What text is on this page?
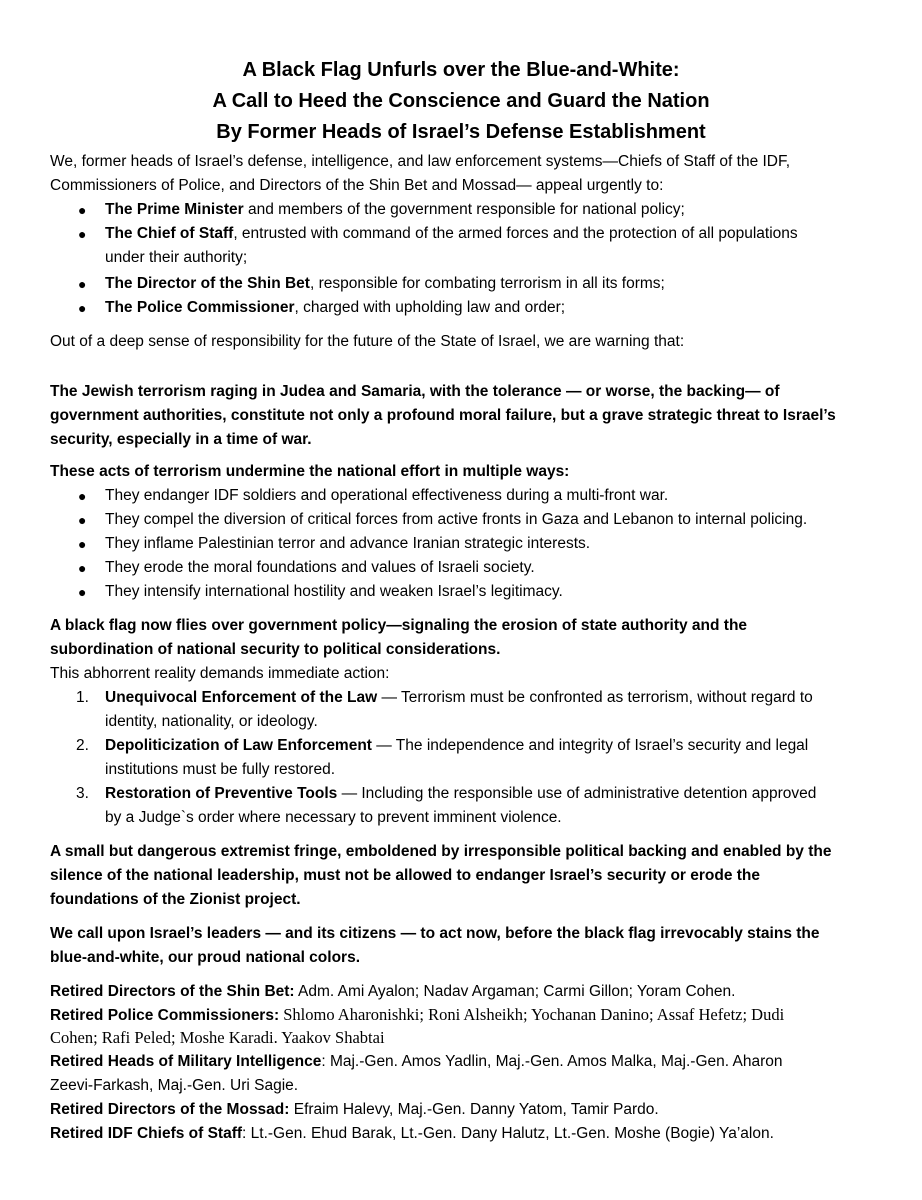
A Black Flag Unfurls over the Blue-and-White:
A Call to Heed the Conscience and Guard the Nation
By Former Heads of Israel’s Defense Establishment
We, former heads of Israel’s defense, intelligence, and law enforcement systems—Chiefs of Staff of the IDF,
Commissioners of Police, and Directors of the Shin Bet and Mossad— appeal urgently to:
● The Prime Minister and members of the government responsible for national policy;
● The Chief of Staff, entrusted with command of the armed forces and the protection of all populations
under their authority;
● The Director of the Shin Bet, responsible for combating terrorism in all its forms;
● The Police Commissioner, charged with upholding law and order;
Out of a deep sense of responsibility for the future of the State of Israel, we are warning that:
The Jewish terrorism raging in Judea and Samaria, with the tolerance — or worse, the backing— of
government authorities, constitute not only a profound moral failure, but a grave strategic threat to Israel’s
security, especially in a time of war.
These acts of terrorism undermine the national effort in multiple ways:
● They endanger IDF soldiers and operational effectiveness during a multi-front war.
● They compel the diversion of critical forces from active fronts in Gaza and Lebanon to internal policing.
● They inflame Palestinian terror and advance Iranian strategic interests.
● They erode the moral foundations and values of Israeli society.
● They intensify international hostility and weaken Israel’s legitimacy.
A black flag now flies over government policy—signaling the erosion of state authority and the
subordination of national security to political considerations.
This abhorrent reality demands immediate action:
1. Unequivocal Enforcement of the Law — Terrorism must be confronted as terrorism, without regard to
identity, nationality, or ideology.
2. Depoliticization of Law Enforcement — The independence and integrity of Israel’s security and legal
institutions must be fully restored.
3. Restoration of Preventive Tools — Including the responsible use of administrative detention approved
by a Judge`s order where necessary to prevent imminent violence.
A small but dangerous extremist fringe, emboldened by irresponsible political backing and enabled by the
silence of the national leadership, must not be allowed to endanger Israel’s security or erode the
foundations of the Zionist project.
We call upon Israel’s leaders — and its citizens — to act now, before the black flag irrevocably stains the
blue-and-white, our proud national colors.
Retired Directors of the Shin Bet: Adm. Ami Ayalon; Nadav Argaman; Carmi Gillon; Yoram Cohen.
Retired Police Commissioners: Shlomo Aharonishki; Roni Alsheikh; Yochanan Danino; Assaf Hefetz; Dudi
Cohen; Rafi Peled; Moshe Karadi. Yaakov Shabtai
Retired Heads of Military Intelligence: Maj.-Gen. Amos Yadlin, Maj.-Gen. Amos Malka, Maj.-Gen. Aharon
Zeevi-Farkash, Maj.-Gen. Uri Sagie.
Retired Directors of the Mossad: Efraim Halevy, Maj.-Gen. Danny Yatom, Tamir Pardo.
Retired IDF Chiefs of Staff: Lt.-Gen. Ehud Barak, Lt.-Gen. Dany Halutz, Lt.-Gen. Moshe (Bogie) Ya’alon.
